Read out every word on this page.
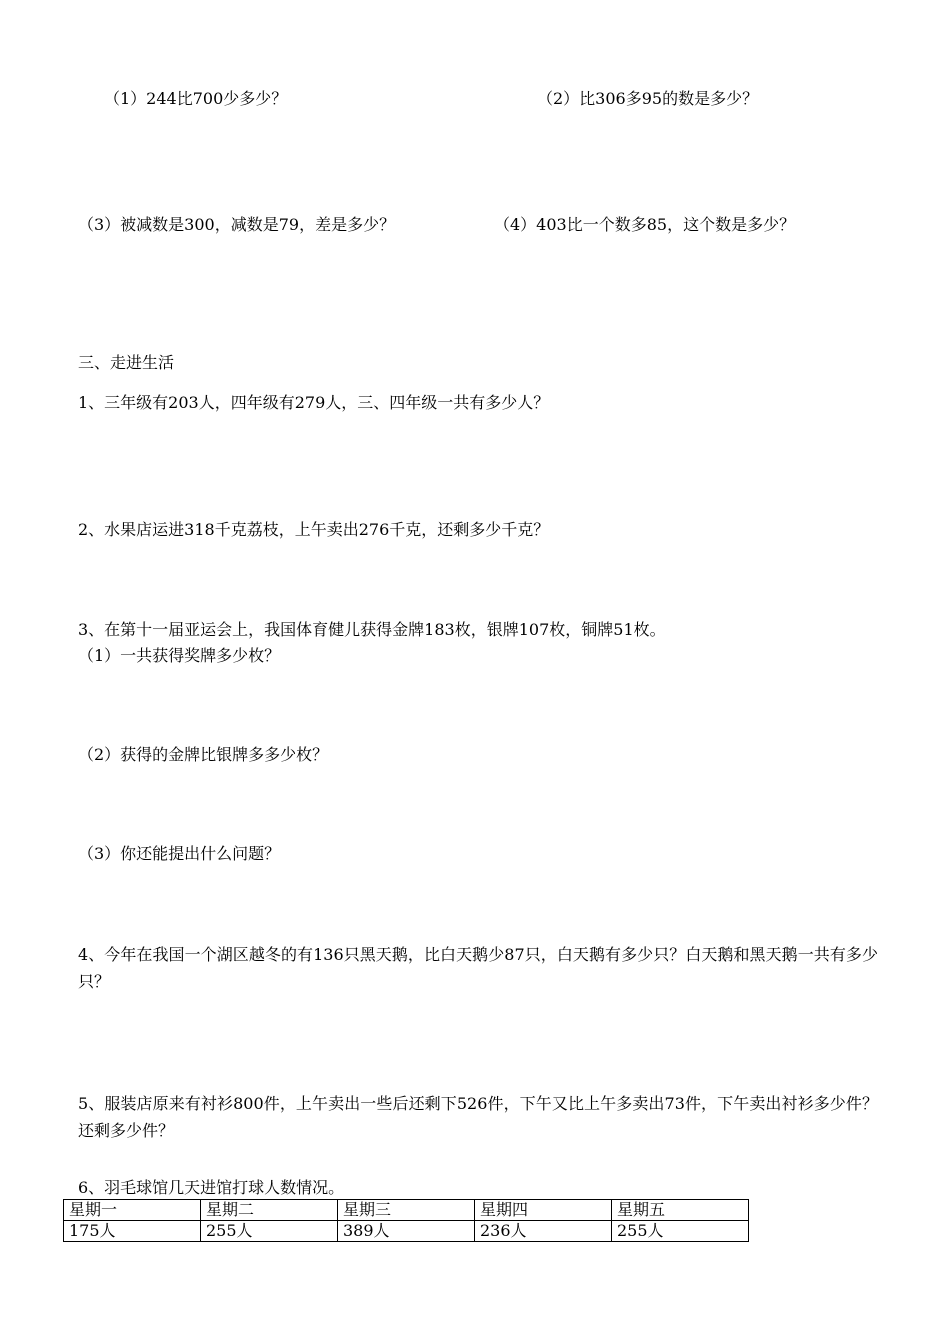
（1）244比700少多少？	（2）比306多95的数是多少？
（3）被减数是300，减数是79，差是多少？	（4）403比一个数多85，这个数是多少？
三、走进生活
1、三年级有203人，四年级有279人，三、四年级一共有多少人？
2、水果店运进318千克荔枝，上午卖出276千克，还剩多少千克？
3、在第十一届亚运会上，我国体育健儿获得金牌183枚，银牌107枚，铜牌51枚。
（1）一共获得奖牌多少枚？
（2）获得的金牌比银牌多多少枚？
（3）你还能提出什么问题？
4、今年在我国一个湖区越冬的有136只黑天鹅，比白天鹅少87只，白天鹅有多少只？白天鹅和黑天鹅一共有多少只？
5、服装店原来有衬衫800件，上午卖出一些后还剩下526件，下午又比上午多卖出73件，下午卖出衬衫多少件？还剩多少件？
6、羽毛球馆几天进馆打球人数情况。
星期一	星期二	星期三	星期四	星期五
175人	255人	389人	236人	255人
